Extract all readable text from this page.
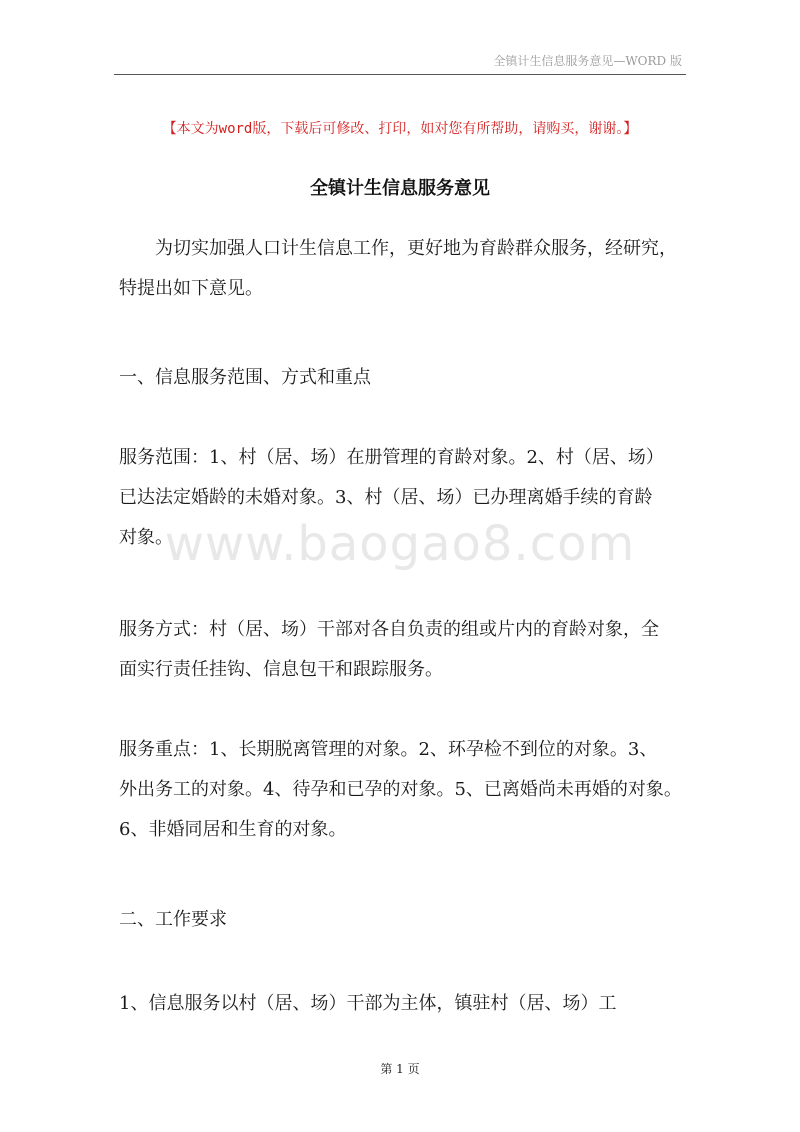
全镇计生信息服务意见—WORD 版
【本文为word版，下载后可修改、打印，如对您有所帮助，请购买，谢谢。】
全镇计生信息服务意见
为切实加强人口计生信息工作，更好地为育龄群众服务，经研究，
特提出如下意见。
一、信息服务范围、方式和重点
服务范围：1、村（居、场）在册管理的育龄对象。2、村（居、场）
已达法定婚龄的未婚对象。3、村（居、场）已办理离婚手续的育龄
对象。
www.baogao8.com
服务方式：村（居、场）干部对各自负责的组或片内的育龄对象，全
面实行责任挂钩、信息包干和跟踪服务。
服务重点：1、长期脱离管理的对象。2、环孕检不到位的对象。3、
外出务工的对象。4、待孕和已孕的对象。5、已离婚尚未再婚的对象。
6、非婚同居和生育的对象。
二、工作要求
1、信息服务以村（居、场）干部为主体，镇驻村（居、场）工
第 1 页
